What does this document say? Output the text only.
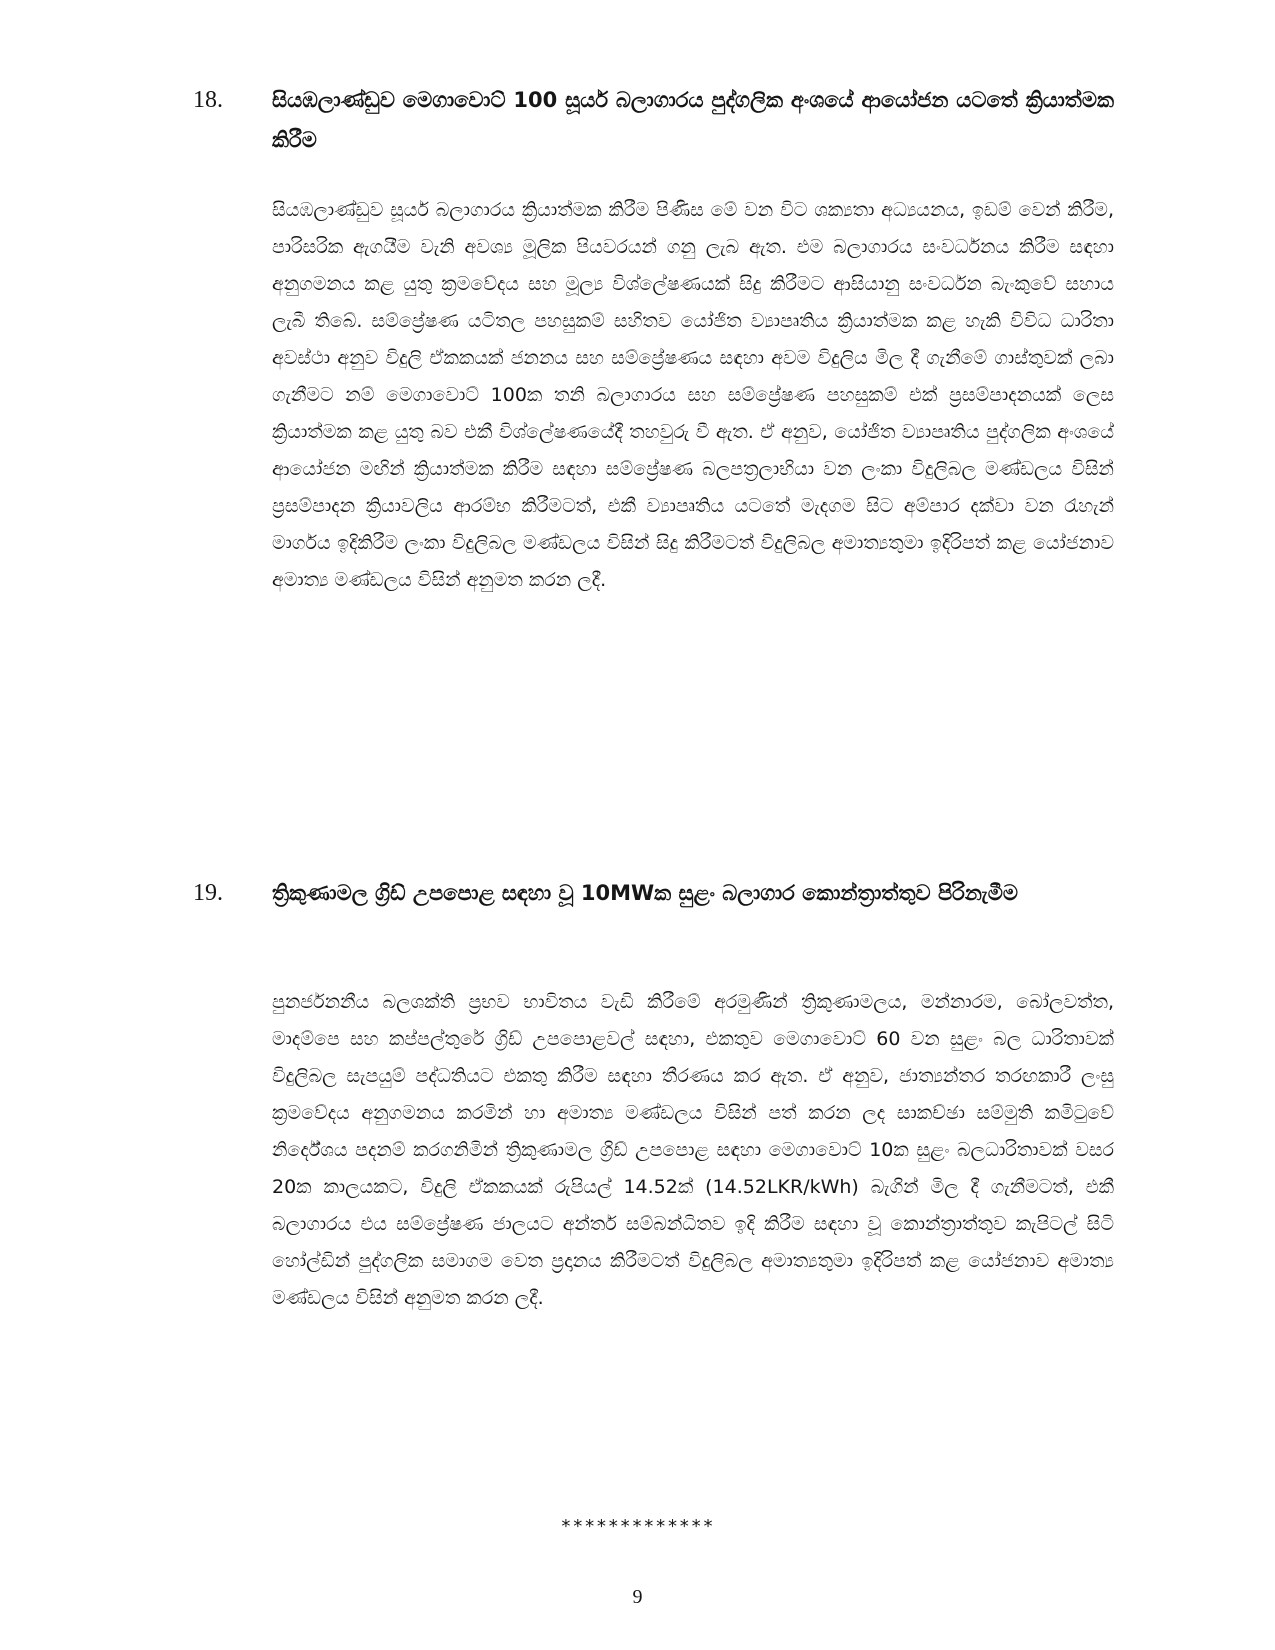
18. සියඹලාණ්ඩුව මෙගාවොට් 100 සූර්ය බලාගාරය පුද්ගලික අංශයේ ආයෝජන යටතේ ක්‍රියාත්මක කිරීම

සියඹලාණ්ඩුව සූර්ය බලාගාරය ක්‍රියාත්මක කිරීම පිණිස මේ වන විට ශක්‍යතා අධ්‍යයනය, ඉඩම් වෙන් කිරීම, පාරිසරික ඇගයීම වැනි අවශ්‍ය මූලික පියවරයන් ගනු ලැබ ඇත. එම බලාගාරය සංවර්ධනය කිරීම සඳහා අනුගමනය කළ යුතු ක්‍රමවේදය සහ මූල්‍ය විශ්ලේෂණයක් සිදු කිරීමට ආසියානු සංවර්ධන බැංකුවේ සහාය ලැබී තිබේ. සම්ප්‍රේෂණ යටිතල පහසුකම් සහිතව යෝජිත ව්‍යාපෘතිය ක්‍රියාත්මක කළ හැකි විවිධ ධාරිතා අවස්ථා අනුව විදුලි ඒකකයක් ජනනය සහ සම්ප්‍රේෂණය සඳහා අවම විදුලිය මිල දී ගැනීමේ ගාස්තුවක් ලබා ගැනීමට නම් මෙගාවොට් 100ක තනි බලාගාරය සහ සම්ප්‍රේෂණ පහසුකම් එක් ප්‍රසම්පාදනයක් ලෙස ක්‍රියාත්මක කළ යුතු බව එකී විශ්ලේෂණයේදී තහවුරු වී ඇත. ඒ අනුව, යෝජිත ව්‍යාපෘතිය පුද්ගලික අංශයේ ආයෝජන මඟින් ක්‍රියාත්මක කිරීම සඳහා සම්ප්‍රේෂණ බලපත්‍රලාභියා වන ලංකා විදුලිබල මණ්ඩලය විසින් ප්‍රසම්පාදන ක්‍රියාවලිය ආරම්භ කිරීමටත්, එකී ව්‍යාපෘතිය යටතේ මැදගම සිට අම්පාර දක්වා වන රැහැන් මාර්ගය ඉදිකිරීම ලංකා විදුලිබල මණ්ඩලය විසින් සිදු කිරීමටත් විදුලිබල අමාත්‍යතුමා ඉදිරිපත් කළ යෝජනාව අමාත්‍ය මණ්ඩලය විසින් අනුමත කරන ලදී.

19. ත්‍රිකුණාමල ග්‍රිඩ් උපපොළ සඳහා වූ 10MWක සුළං බලාගාර කොන්ත්‍රාත්තුව පිරිනැමීම

පුනර්ජනනීය බලශක්ති ප්‍රභව භාවිතය වැඩි කිරීමේ අරමුණින් ත්‍රිකුණාමලය, මන්නාරම, බෝලවත්ත, මාදම්පෙ සහ කප්පල්තුරේ ග්‍රිඩ් උපපොළවල් සඳහා, එකතුව මෙගාවොට් 60 වන සුළං බල ධාරිතාවක් විදුලිබල සැපයුම් පද්ධතියට එකතු කිරීම සඳහා තීරණය කර ඇත. ඒ අනුව, ජාත්‍යන්තර තරඟකාරී ලංසු ක්‍රමවේදය අනුගමනය කරමින් හා අමාත්‍ය මණ්ඩලය විසින් පත් කරන ලද සාකච්ඡා සම්මුති කමිටුවේ නිර්දේශය පදනම් කරගනිමින් ත්‍රිකුණාමල ග්‍රිඩ් උපපොළ සඳහා මෙගාවොට් 10ක සුළං බලධාරිතාවක් වසර 20ක කාලයකට, විදුලි ඒකකයක් රුපියල් 14.52ක් (14.52LKR/kWh) බැගින් මිල දී ගැනීමටත්, එකී බලාගාරය එය සම්ප්‍රේෂණ ජාලයට අන්තර් සම්බන්ධිතව ඉදි කිරීම සඳහා වූ කොන්ත්‍රාත්තුව කැපිටල් සිටි හෝල්ඩින් පුද්ගලික සමාගම වෙත ප්‍රදානය කිරීමටත් විදුලිබල අමාත්‍යතුමා ඉදිරිපත් කළ යෝජනාව අමාත්‍ය මණ්ඩලය විසින් අනුමත කරන ලදී.

*************
9
